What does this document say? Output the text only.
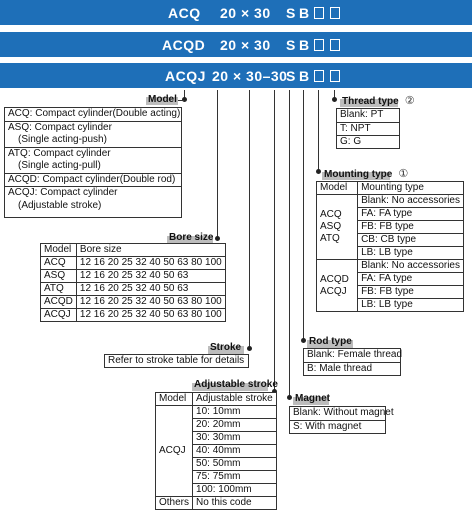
ACQ 20 × 30 S B
ACQD 20 × 30 S B
ACQJ 20 × 30–30
S B
Model
ACQ: Compact cylinder(Double acting)
ASQ: Compact cylinder
(Single acting-push)
ATQ: Compact cylinder
(Single acting-pull)
ACQD: Compact cylinder(Double rod)
ACQJ: Compact cylinder
(Adjustable stroke)
Bore size
Model	Bore size
ACQ	12 16 20 25 32 40 50 63 80 100
ASQ	12 16 20 25 32 40 50 63
ATQ	12 16 20 25 32 40 50 63
ACQD	12 16 20 25 32 40 50 63 80 100
ACQJ	12 16 20 25 32 40 50 63 80 100
Stroke
Refer to stroke table for details
Adjustable stroke
Model	Adjustable stroke
ACQJ	10: 10mm
	20: 20mm
	30: 30mm
	40: 40mm
	50: 50mm
	75: 75mm
	100: 100mm
Others	No this code
Magnet
Blank: Without magnet
S: With magnet
Rod type
Blank: Female thread
B: Male thread
Mounting type ①
Model	Mounting type
ACQ
ASQ
ATQ	Blank: No accessories
	FA: FA type
	FB: FB type
	CB: CB type
	LB: LB type
ACQD
ACQJ	Blank: No accessories
	FA: FA type
	FB: FB type
	LB: LB type
Thread type ②
Blank: PT
T: NPT
G: G
